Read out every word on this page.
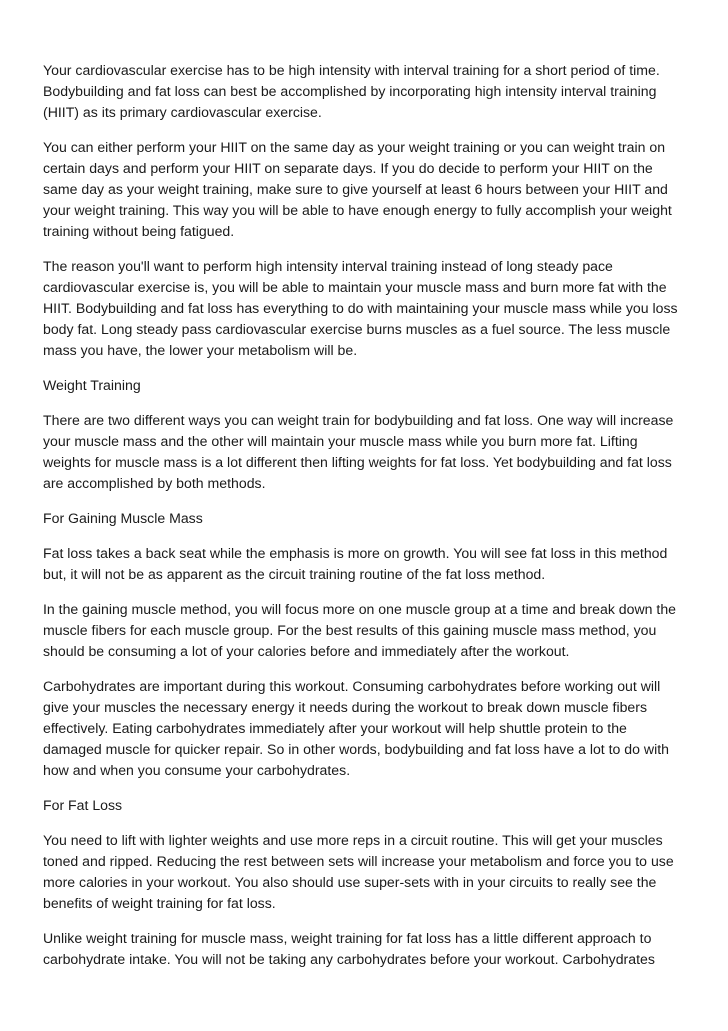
Your cardiovascular exercise has to be high intensity with interval training for a short period of time. Bodybuilding and fat loss can best be accomplished by incorporating high intensity interval training (HIIT) as its primary cardiovascular exercise.

You can either perform your HIIT on the same day as your weight training or you can weight train on certain days and perform your HIIT on separate days. If you do decide to perform your HIIT on the same day as your weight training, make sure to give yourself at least 6 hours between your HIIT and your weight training. This way you will be able to have enough energy to fully accomplish your weight training without being fatigued.

The reason you'll want to perform high intensity interval training instead of long steady pace cardiovascular exercise is, you will be able to maintain your muscle mass and burn more fat with the HIIT. Bodybuilding and fat loss has everything to do with maintaining your muscle mass while you loss body fat. Long steady pass cardiovascular exercise burns muscles as a fuel source. The less muscle mass you have, the lower your metabolism will be.

Weight Training

There are two different ways you can weight train for bodybuilding and fat loss. One way will increase your muscle mass and the other will maintain your muscle mass while you burn more fat. Lifting weights for muscle mass is a lot different then lifting weights for fat loss. Yet bodybuilding and fat loss are accomplished by both methods.

For Gaining Muscle Mass

Fat loss takes a back seat while the emphasis is more on growth. You will see fat loss in this method but, it will not be as apparent as the circuit training routine of the fat loss method.

In the gaining muscle method, you will focus more on one muscle group at a time and break down the muscle fibers for each muscle group. For the best results of this gaining muscle mass method, you should be consuming a lot of your calories before and immediately after the workout.

Carbohydrates are important during this workout. Consuming carbohydrates before working out will give your muscles the necessary energy it needs during the workout to break down muscle fibers effectively. Eating carbohydrates immediately after your workout will help shuttle protein to the damaged muscle for quicker repair. So in other words, bodybuilding and fat loss have a lot to do with how and when you consume your carbohydrates.

For Fat Loss

You need to lift with lighter weights and use more reps in a circuit routine. This will get your muscles toned and ripped. Reducing the rest between sets will increase your metabolism and force you to use more calories in your workout. You also should use super-sets with in your circuits to really see the benefits of weight training for fat loss.

Unlike weight training for muscle mass, weight training for fat loss has a little different approach to carbohydrate intake. You will not be taking any carbohydrates before your workout. Carbohydrates
